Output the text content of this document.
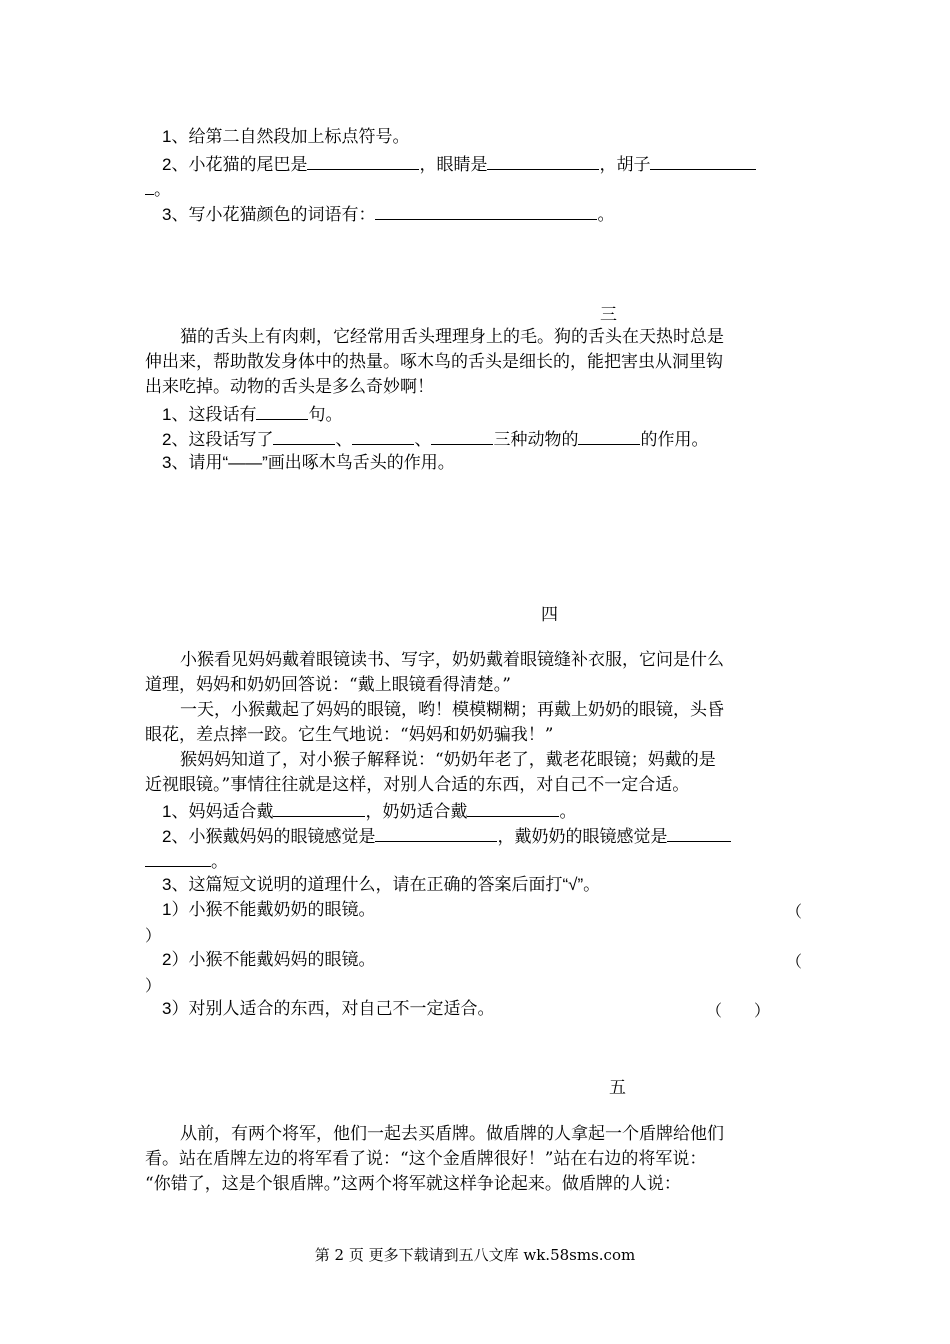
1、给第二自然段加上标点符号。
2、小花猫的尾巴是	，眼睛是	，胡子
。
3、写小花猫颜色的词语有：	。
三
猫的舌头上有肉刺，它经常用舌头理理身上的毛。狗的舌头在天热时总是
伸出来，帮助散发身体中的热量。啄木鸟的舌头是细长的，能把害虫从洞里钩
出来吃掉。动物的舌头是多么奇妙啊！
1、这段话有	句。
2、这段话写了	、	、	三种动物的	的作用。
3、请用“——”画出啄木鸟舌头的作用。
四
小猴看见妈妈戴着眼镜读书、写字，奶奶戴着眼镜缝补衣服，它问是什么
道理，妈妈和奶奶回答说：“戴上眼镜看得清楚。”
一天，小猴戴起了妈妈的眼镜，哟！模模糊糊；再戴上奶奶的眼镜，头昏
眼花，差点摔一跤。它生气地说：“妈妈和奶奶骗我！”
猴妈妈知道了，对小猴子解释说：“奶奶年老了，戴老花眼镜；妈戴的是
近视眼镜。”事情往往就是这样，对别人合适的东西，对自己不一定合适。
1、妈妈适合戴	，奶奶适合戴	。
2、小猴戴妈妈的眼镜感觉是	，戴奶奶的眼镜感觉是
。
3、这篇短文说明的道理什么，请在正确的答案后面打“√”。
1）小猴不能戴奶奶的眼镜。	（
）
2）小猴不能戴妈妈的眼镜。	（
）
3）对别人适合的东西，对自己不一定适合。	（　　）
五
从前，有两个将军，他们一起去买盾牌。做盾牌的人拿起一个盾牌给他们
看。站在盾牌左边的将军看了说：“这个金盾牌很好！”站在右边的将军说：
“你错了，这是个银盾牌。”这两个将军就这样争论起来。做盾牌的人说：
第 2 页 更多下载请到五八文库 wk.58sms.com
